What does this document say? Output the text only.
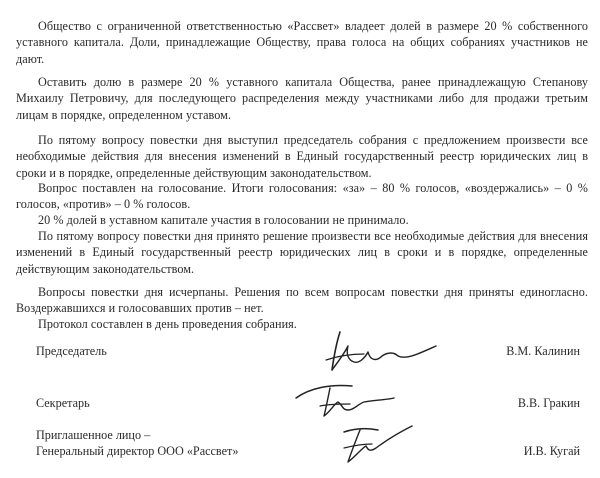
Общество с ограниченной ответственностью «Рассвет» владеет долей в размере 20 % собственного уставного капитала. Доли, принадлежащие Обществу, права голоса на общих собраниях участников не дают.

Оставить долю в размере 20 % уставного капитала Общества, ранее принадлежащую Степанову Михаилу Петровичу, для последующего распределения между участниками либо для продажи третьим лицам в порядке, определенном уставом.

По пятому вопросу повестки дня выступил председатель собрания с предложением произвести все необходимые действия для внесения изменений в Единый государственный реестр юридических лиц в сроки и в порядке, определенные действующим законодательством.

Вопрос поставлен на голосование. Итоги голосования: «за» – 80 % голосов, «воздержались» – 0 % голосов, «против» – 0 % голосов.

20 % долей в уставном капитале участия в голосовании не принимало.

По пятому вопросу повестки дня принято решение произвести все необходимые действия для внесения изменений в Единый государственный реестр юридических лиц в сроки и в порядке, определенные действующим законодательством.

Вопросы повестки дня исчерпаны. Решения по всем вопросам повестки дня приняты единогласно. Воздержавшихся и голосовавших против – нет.

Протокол составлен в день проведения собрания.

Председатель	В.М. Калинин
Секретарь	В.В. Гракин
Приглашенное лицо –
Генеральный директор ООО «Рассвет»	И.В. Кугай
